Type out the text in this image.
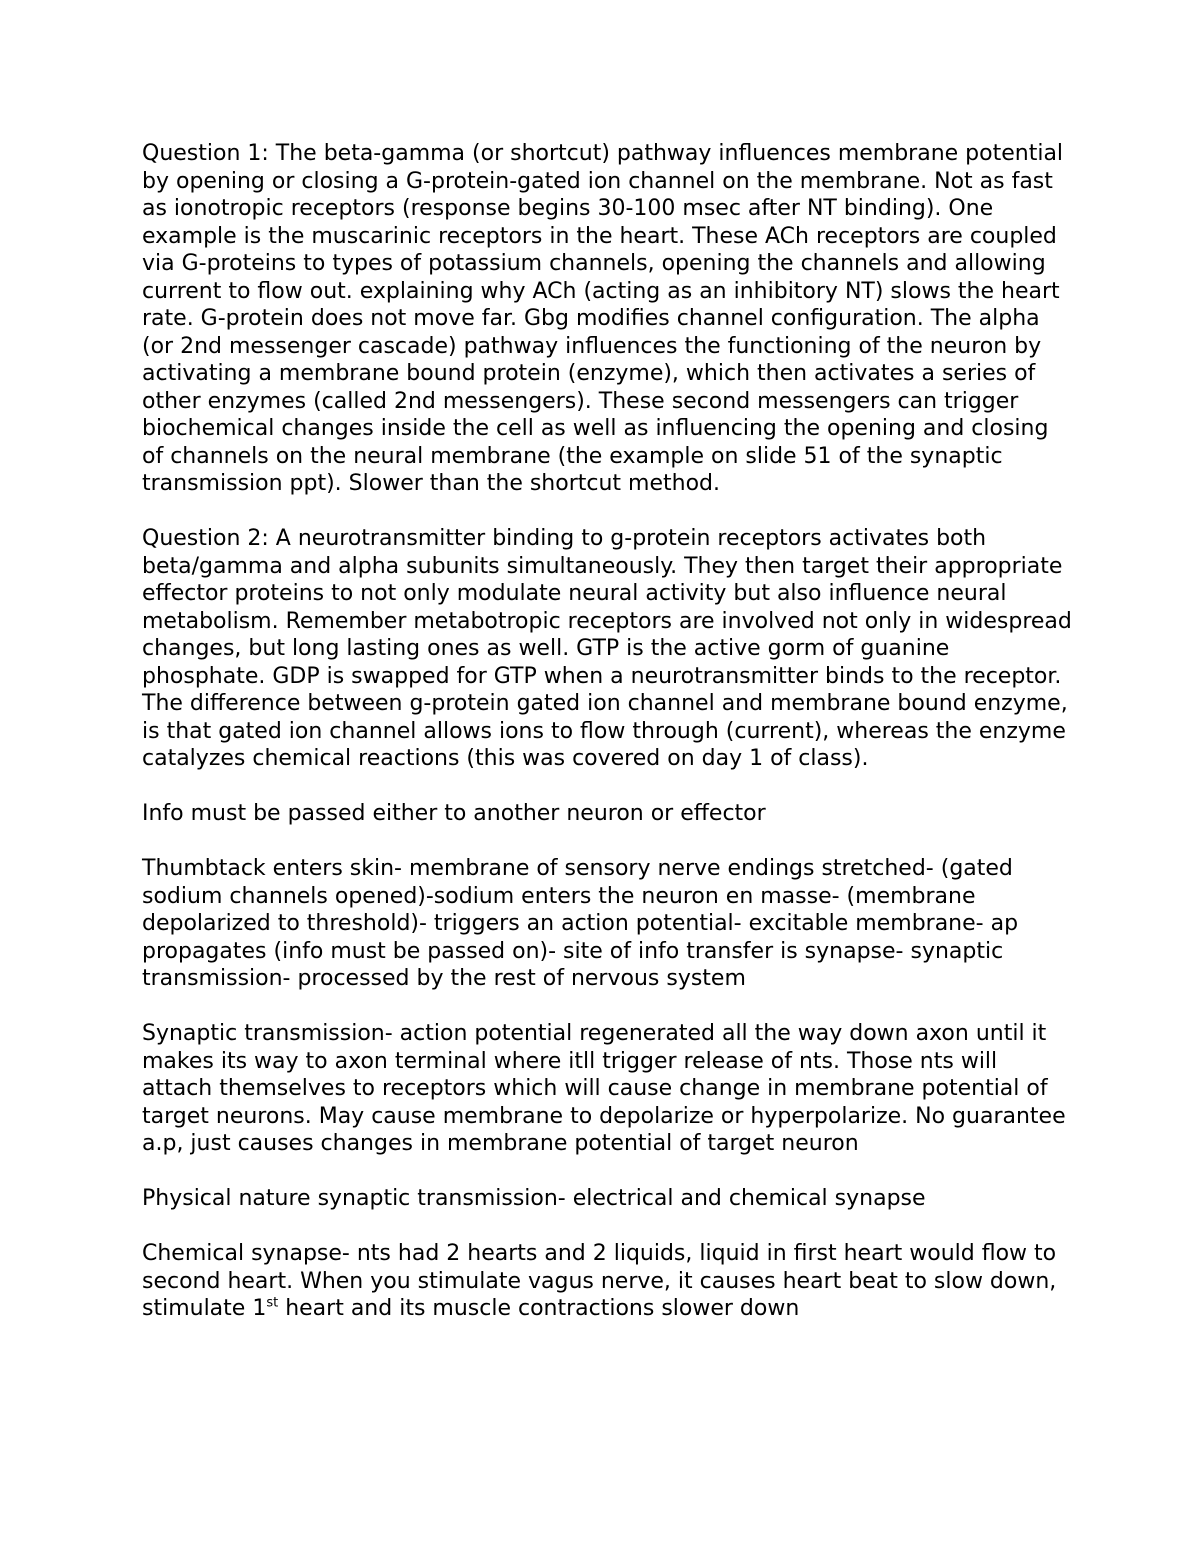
Question 1: The beta-gamma (or shortcut) pathway influences membrane potential by opening or closing a G-protein-gated ion channel on the membrane. Not as fast as ionotropic receptors (response begins 30-100 msec after NT binding). One example is the muscarinic receptors in the heart. These ACh receptors are coupled via G-proteins to types of potassium channels, opening the channels and allowing current to flow out. explaining why ACh (acting as an inhibitory NT) slows the heart rate. G-protein does not move far. Gbg modifies channel configuration. The alpha (or 2nd messenger cascade) pathway influences the functioning of the neuron by activating a membrane bound protein (enzyme), which then activates a series of other enzymes (called 2nd messengers). These second messengers can trigger biochemical changes inside the cell as well as influencing the opening and closing of channels on the neural membrane (the example on slide 51 of the synaptic transmission ppt). Slower than the shortcut method.

Question 2: A neurotransmitter binding to g-protein receptors activates both beta/gamma and alpha subunits simultaneously. They then target their appropriate effector proteins to not only modulate neural activity but also influence neural metabolism. Remember metabotropic receptors are involved not only in widespread changes, but long lasting ones as well. GTP is the active gorm of guanine phosphate. GDP is swapped for GTP when a neurotransmitter binds to the receptor. The difference between g-protein gated ion channel and membrane bound enzyme, is that gated ion channel allows ions to flow through (current), whereas the enzyme catalyzes chemical reactions (this was covered on day 1 of class).

Info must be passed either to another neuron or effector

Thumbtack enters skin- membrane of sensory nerve endings stretched- (gated sodium channels opened)-sodium enters the neuron en masse- (membrane depolarized to threshold)- triggers an action potential- excitable membrane- ap propagates (info must be passed on)- site of info transfer is synapse- synaptic transmission- processed by the rest of nervous system

Synaptic transmission- action potential regenerated all the way down axon until it makes its way to axon terminal where itll trigger release of nts. Those nts will attach themselves to receptors which will cause change in membrane potential of target neurons. May cause membrane to depolarize or hyperpolarize. No guarantee a.p, just causes changes in membrane potential of target neuron

Physical nature synaptic transmission- electrical and chemical synapse

Chemical synapse- nts had 2 hearts and 2 liquids, liquid in first heart would flow to second heart. When you stimulate vagus nerve, it causes heart beat to slow down, stimulate 1st heart and its muscle contractions slower down
